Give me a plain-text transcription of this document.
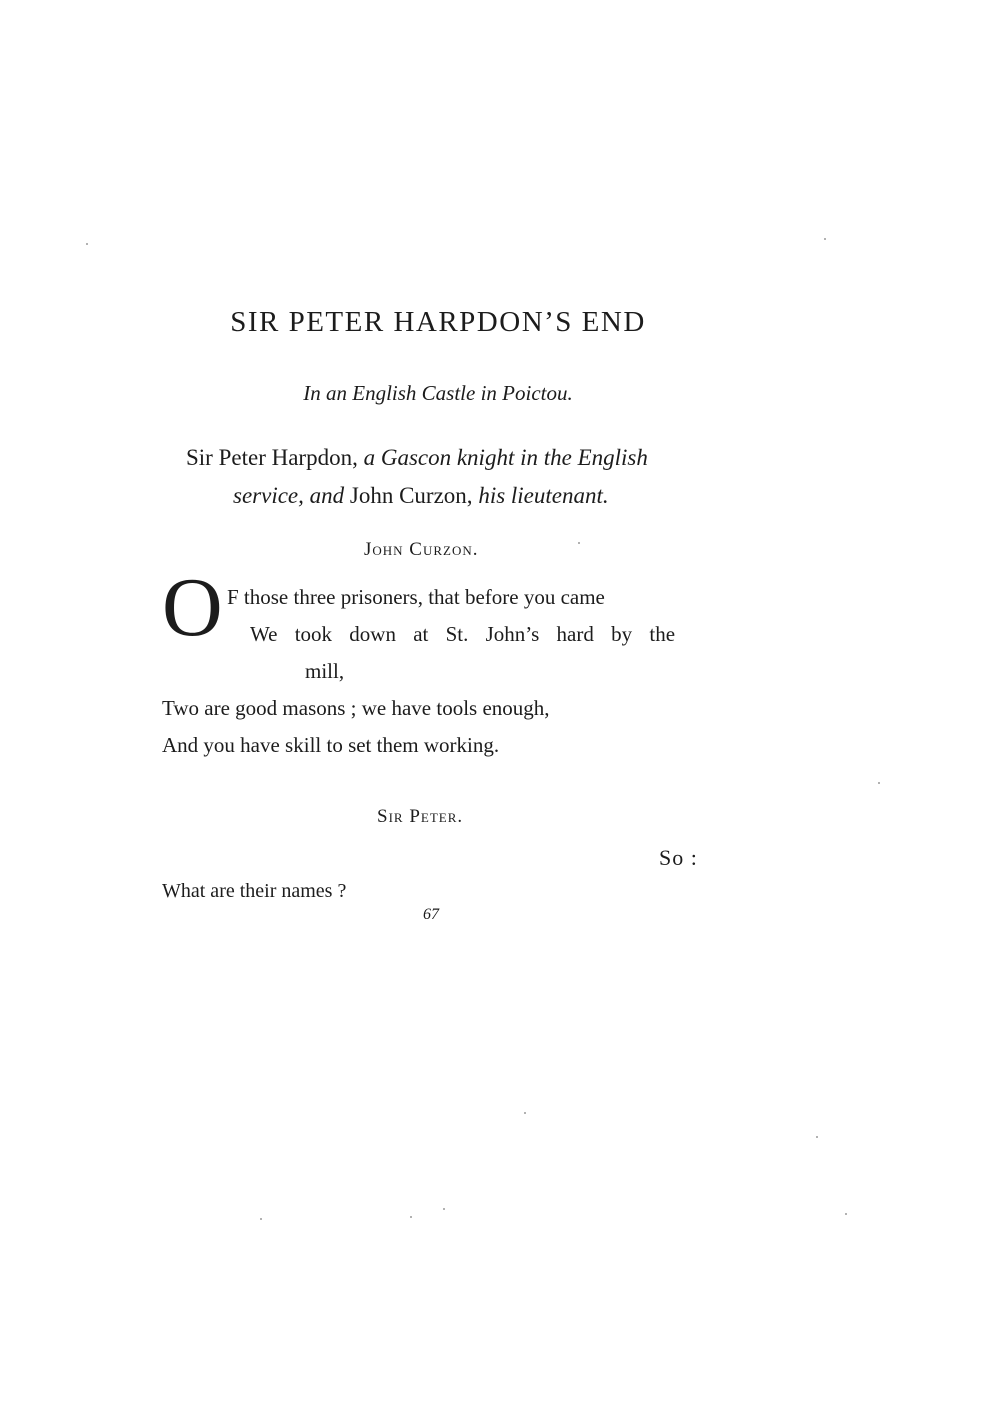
SIR PETER HARPDON’S END
In an English Castle in Poictou.
Sir Peter Harpdon, a Gascon knight in the English
service, and John Curzon, his lieutenant.
John Curzon.
O F those three prisoners, that before you came
We took down at St. John’s hard by the
mill,
Two are good masons ; we have tools enough,
And you have skill to set them working.
Sir Peter.
So :
What are their names ?
67
